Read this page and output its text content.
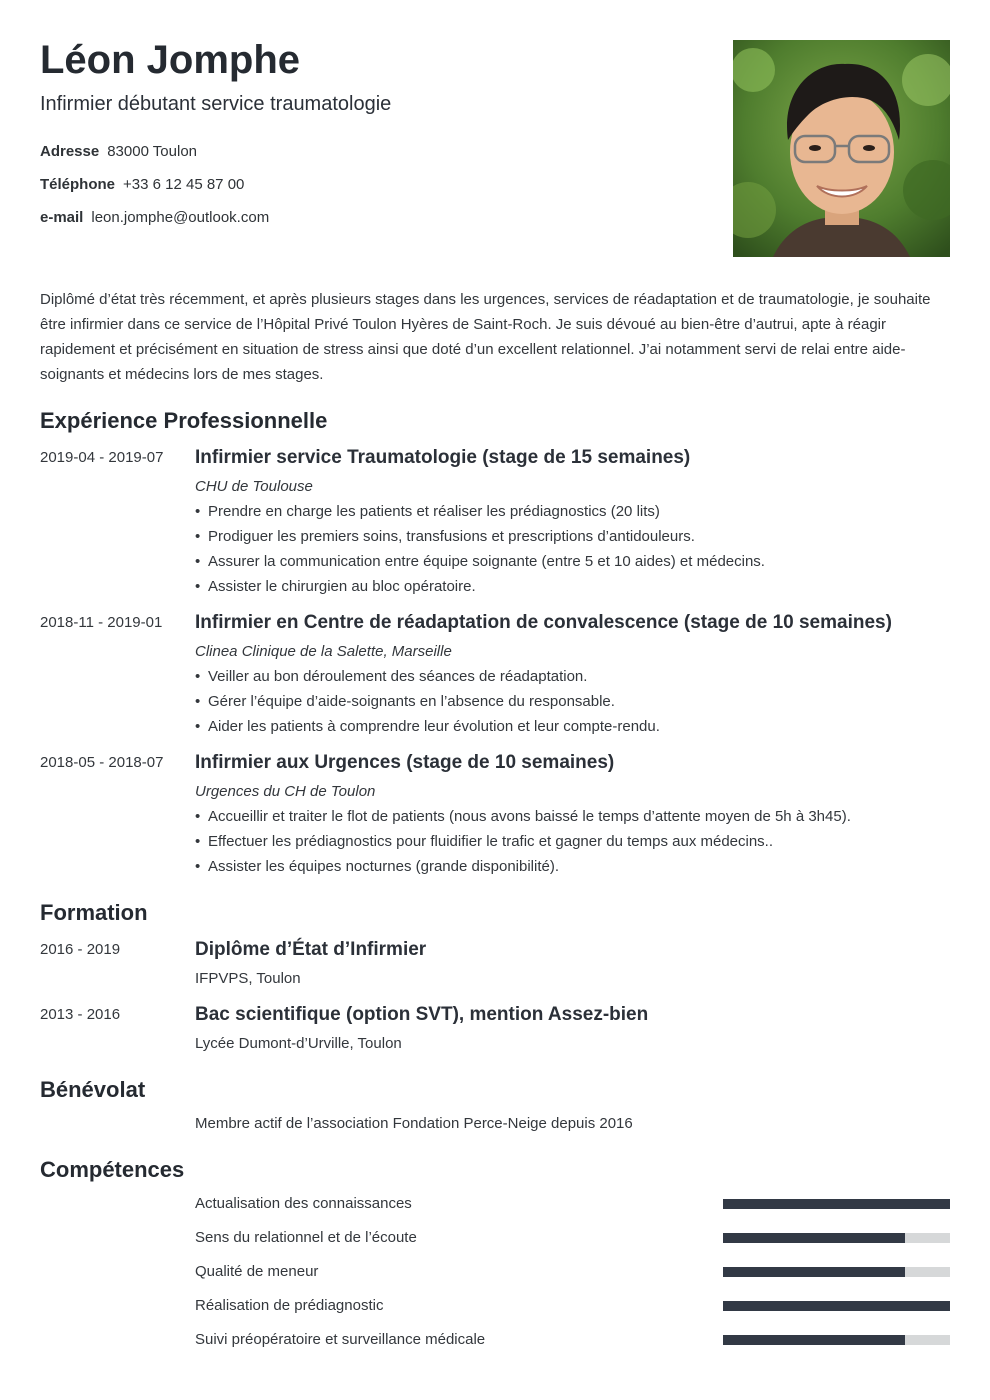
Léon Jomphe
Infirmier débutant service traumatologie
Adresse 83000 Toulon
Téléphone +33 6 12 45 87 00
e-mail leon.jomphe@outlook.com
Diplômé d’état très récemment, et après plusieurs stages dans les urgences, services de réadaptation et de traumatologie, je souhaite être infirmier dans ce service de l’Hôpital Privé Toulon Hyères de Saint-Roch. Je suis dévoué au bien-être d’autrui, apte à réagir rapidement et précisément en situation de stress ainsi que doté d’un excellent relationnel. J’ai notamment servi de relai entre aide-soignants et médecins lors de mes stages.
Expérience Professionnelle
2019-04 - 2019-07 Infirmier service Traumatologie (stage de 15 semaines)
CHU de Toulouse
• Prendre en charge les patients et réaliser les prédiagnostics (20 lits)
• Prodiguer les premiers soins, transfusions et prescriptions d’antidouleurs.
• Assurer la communication entre équipe soignante (entre 5 et 10 aides) et médecins.
• Assister le chirurgien au bloc opératoire.
2018-11 - 2019-01 Infirmier en Centre de réadaptation de convalescence (stage de 10 semaines)
Clinea Clinique de la Salette, Marseille
• Veiller au bon déroulement des séances de réadaptation.
• Gérer l’équipe d’aide-soignants en l’absence du responsable.
• Aider les patients à comprendre leur évolution et leur compte-rendu.
2018-05 - 2018-07 Infirmier aux Urgences (stage de 10 semaines)
Urgences du CH de Toulon
• Accueillir et traiter le flot de patients (nous avons baissé le temps d’attente moyen de 5h à 3h45).
• Effectuer les prédiagnostics pour fluidifier le trafic et gagner du temps aux médecins..
• Assister les équipes nocturnes (grande disponibilité).
Formation
2016 - 2019	Diplôme d’État d’Infirmier
IFPVPS, Toulon
2013 - 2016	Bac scientifique (option SVT), mention Assez-bien
Lycée Dumont-d’Urville, Toulon
Bénévolat
Membre actif de l’association Fondation Perce-Neige depuis 2016
Compétences
Actualisation des connaissances
Sens du relationnel et de l’écoute
Qualité de meneur
Réalisation de prédiagnostic
Suivi préopératoire et surveillance médicale
